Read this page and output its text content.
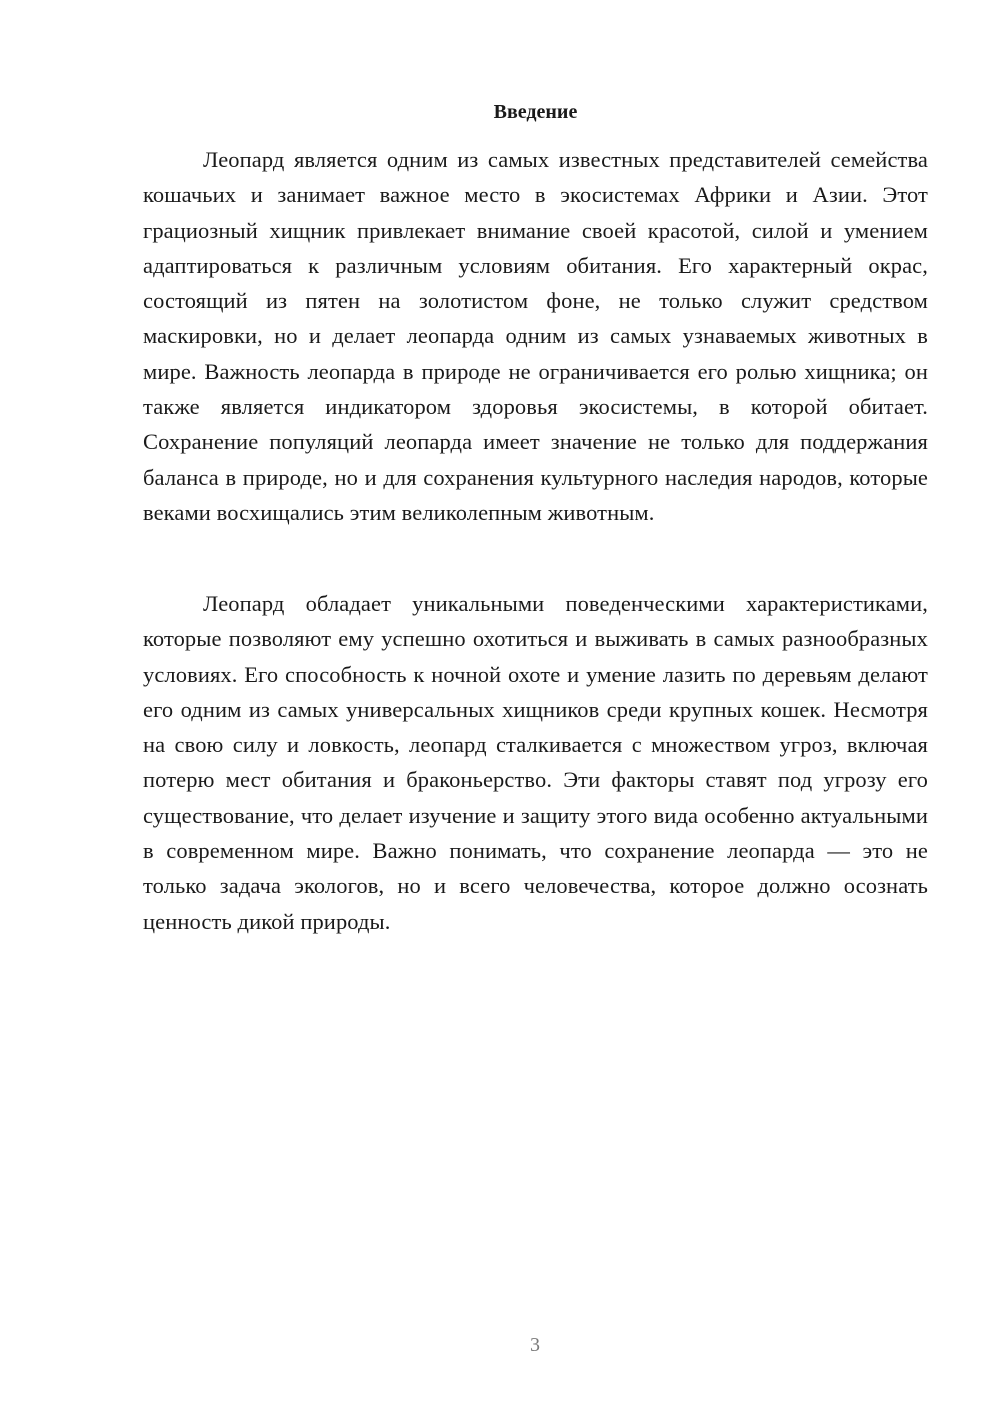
Введение

Леопард является одним из самых известных представителей семейства кошачьих и занимает важное место в экосистемах Африки и Азии. Этот грациозный хищник привлекает внимание своей красотой, силой и умением адаптироваться к различным условиям обитания. Его характерный окрас, состоящий из пятен на золотистом фоне, не только служит средством маскировки, но и делает леопарда одним из самых узнаваемых животных в мире. Важность леопарда в природе не ограничивается его ролью хищника; он также является индикатором здоровья экосистемы, в которой обитает. Сохранение популяций леопарда имеет значение не только для поддержания баланса в природе, но и для сохранения культурного наследия народов, которые веками восхищались этим великолепным животным.

Леопард обладает уникальными поведенческими характеристиками, которые позволяют ему успешно охотиться и выживать в самых разнообразных условиях. Его способность к ночной охоте и умение лазить по деревьям делают его одним из самых универсальных хищников среди крупных кошек. Несмотря на свою силу и ловкость, леопард сталкивается с множеством угроз, включая потерю мест обитания и браконьерство. Эти факторы ставят под угрозу его существование, что делает изучение и защиту этого вида особенно актуальными в современном мире. Важно понимать, что сохранение леопарда — это не только задача экологов, но и всего человечества, которое должно осознать ценность дикой природы.

3
